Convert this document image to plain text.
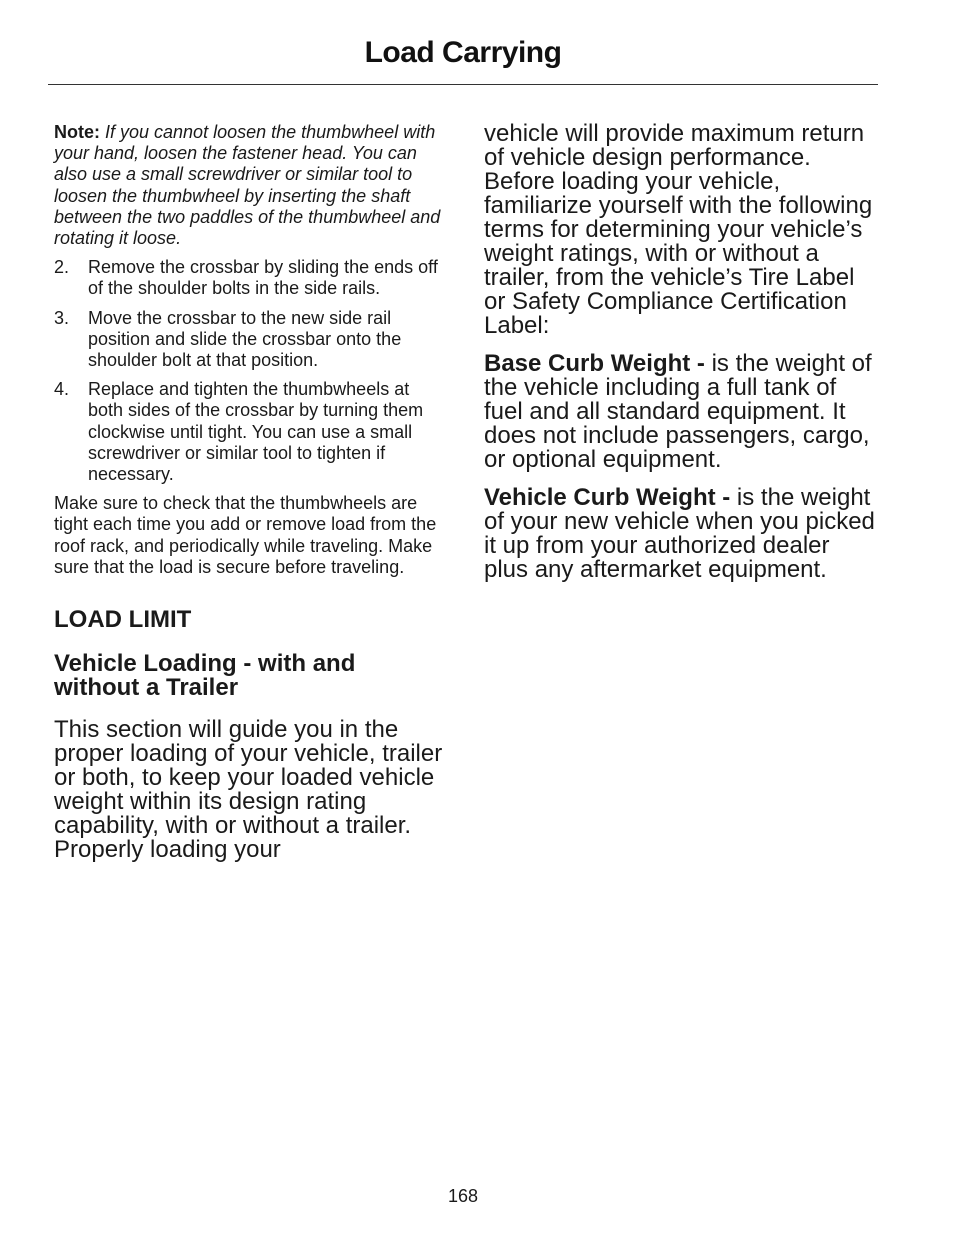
Load Carrying

Note: If you cannot loosen the thumbwheel with your hand, loosen the fastener head. You can also use a small screwdriver or similar tool to loosen the thumbwheel by inserting the shaft between the two paddles of the thumbwheel and rotating it loose.

2. Remove the crossbar by sliding the ends off of the shoulder bolts in the side rails.
3. Move the crossbar to the new side rail position and slide the crossbar onto the shoulder bolt at that position.
4. Replace and tighten the thumbwheels at both sides of the crossbar by turning them clockwise until tight. You can use a small screwdriver or similar tool to tighten if necessary.

Make sure to check that the thumbwheels are tight each time you add or remove load from the roof rack, and periodically while traveling. Make sure that the load is secure before traveling.

LOAD LIMIT
Vehicle Loading - with and without a Trailer

This section will guide you in the proper loading of your vehicle, trailer or both, to keep your loaded vehicle weight within its design rating capability, with or without a trailer. Properly loading your

vehicle will provide maximum return of vehicle design performance. Before loading your vehicle, familiarize yourself with the following terms for determining your vehicle’s weight ratings, with or without a trailer, from the vehicle’s Tire Label or Safety Compliance Certification Label:

Base Curb Weight - is the weight of the vehicle including a full tank of fuel and all standard equipment. It does not include passengers, cargo, or optional equipment.

Vehicle Curb Weight - is the weight of your new vehicle when you picked it up from your authorized dealer plus any aftermarket equipment.

168
